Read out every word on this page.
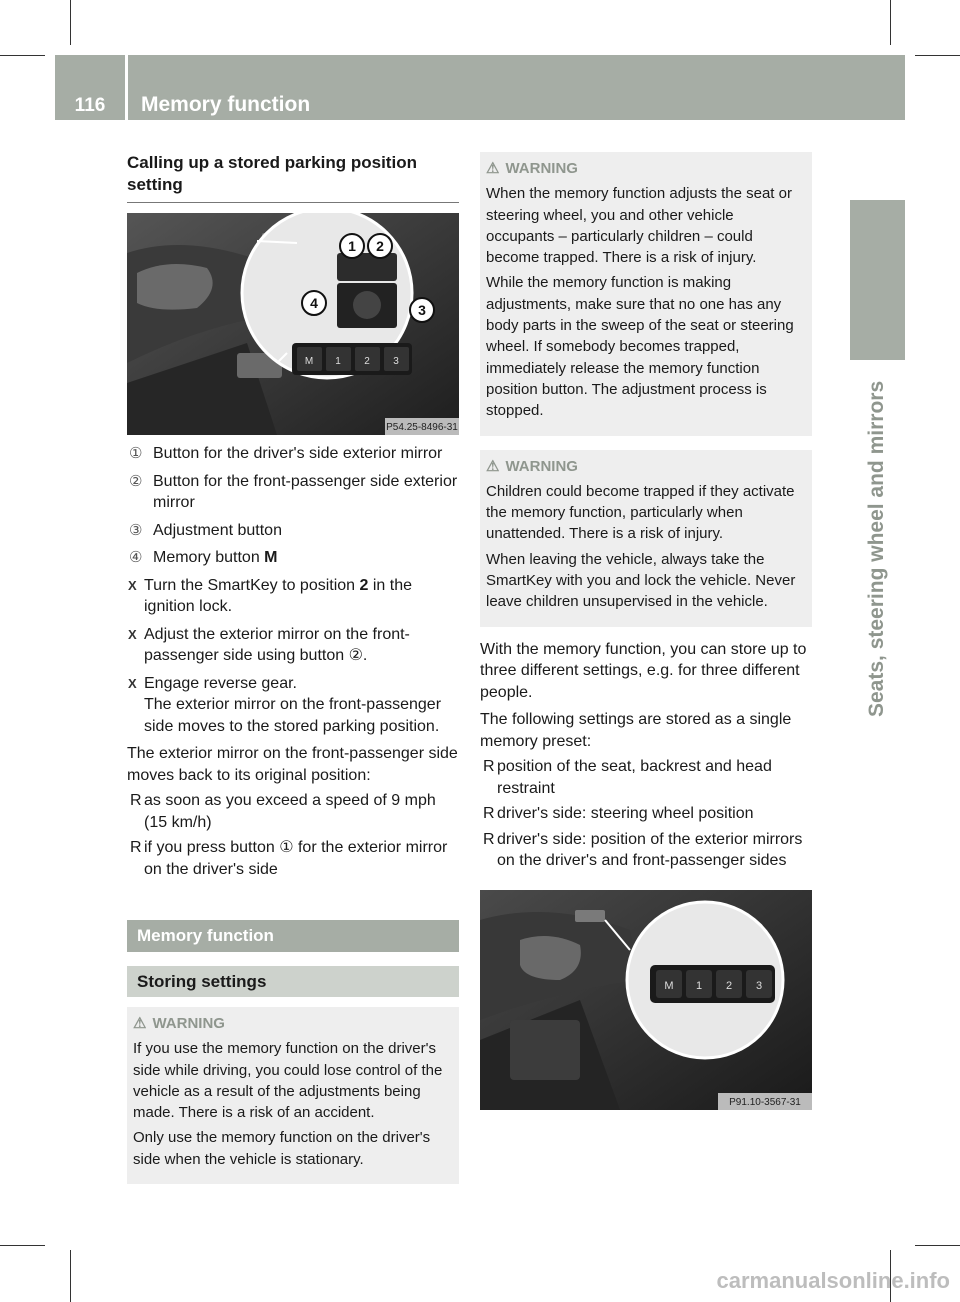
116	Memory function
Seats, steering wheel and mirrors
Calling up a stored parking position setting
M 1 2 3
1 2
3
4
P54.25-8496-31
① Button for the driver's side exterior mirror
② Button for the front-passenger side exterior mirror
③ Adjustment button
④ Memory button M
X Turn the SmartKey to position 2 in the ignition lock.
X Adjust the exterior mirror on the front-passenger side using button ②.
X Engage reverse gear.
The exterior mirror on the front-passenger side moves to the stored parking position.
The exterior mirror on the front-passenger side moves back to its original position:
R as soon as you exceed a speed of 9 mph (15 km/h)
R if you press button ① for the exterior mirror on the driver's side
Memory function
Storing settings
⚠ WARNING

If you use the memory function on the driver's side while driving, you could lose control of the vehicle as a result of the adjustments being made. There is a risk of an accident.

Only use the memory function on the driver's side when the vehicle is stationary.

⚠ WARNING

When the memory function adjusts the seat or steering wheel, you and other vehicle occupants – particularly children – could become trapped. There is a risk of injury.

While the memory function is making adjustments, make sure that no one has any body parts in the sweep of the seat or steering wheel. If somebody becomes trapped, immediately release the memory function position button. The adjustment process is stopped.

⚠ WARNING

Children could become trapped if they activate the memory function, particularly when unattended. There is a risk of injury.

When leaving the vehicle, always take the SmartKey with you and lock the vehicle. Never leave children unsupervised in the vehicle.

With the memory function, you can store up to three different settings, e.g. for three different people.
The following settings are stored as a single memory preset:
R position of the seat, backrest and head restraint
R driver's side: steering wheel position
R driver's side: position of the exterior mirrors on the driver's and front-passenger sides
M 1 2 3
P91.10-3567-31
carmanualsonline.info
